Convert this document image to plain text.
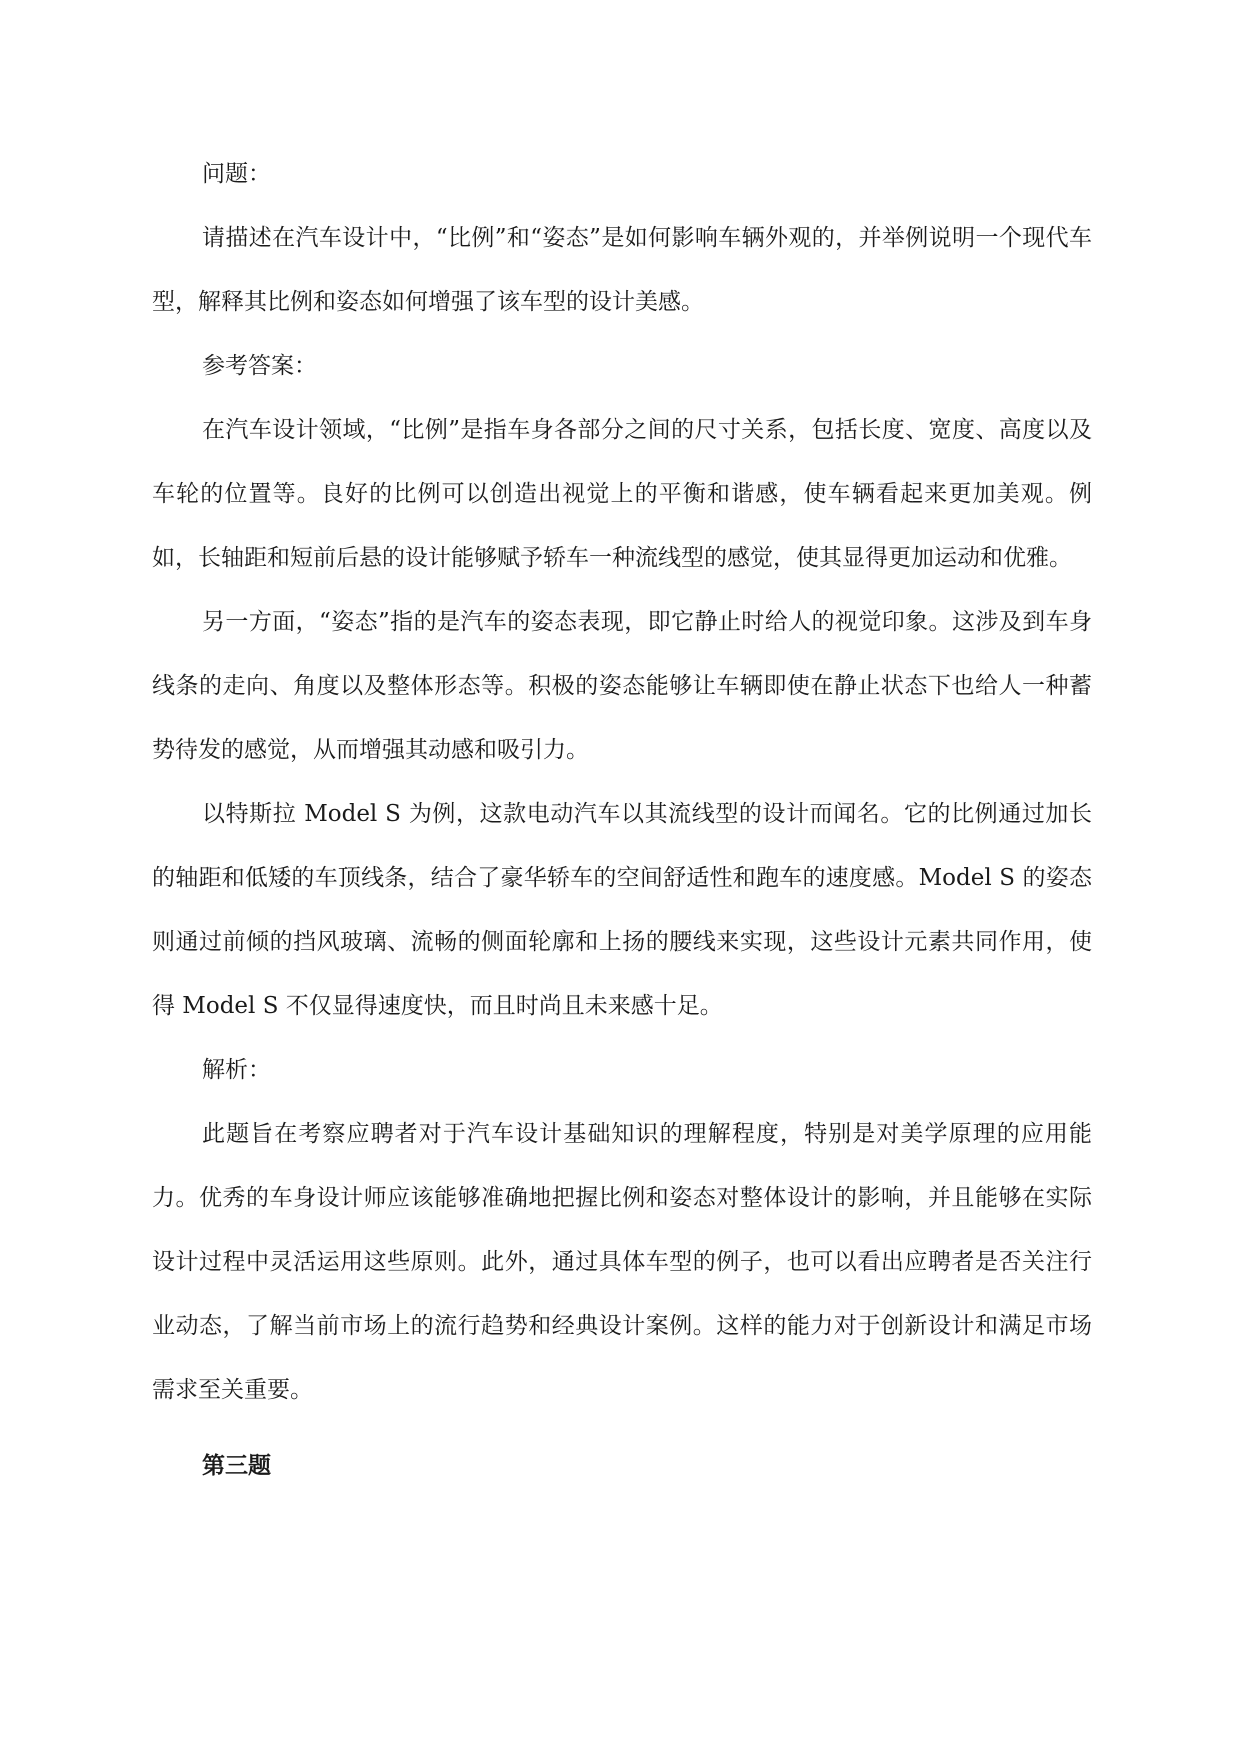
问题：

请描述在汽车设计中，“比例”和“姿态”是如何影响车辆外观的，并举例说明一个现代车型，解释其比例和姿态如何增强了该车型的设计美感。

参考答案：

在汽车设计领域，“比例”是指车身各部分之间的尺寸关系，包括长度、宽度、高度以及车轮的位置等。良好的比例可以创造出视觉上的平衡和谐感，使车辆看起来更加美观。例如，长轴距和短前后悬的设计能够赋予轿车一种流线型的感觉，使其显得更加运动和优雅。

另一方面，“姿态”指的是汽车的姿态表现，即它静止时给人的视觉印象。这涉及到车身线条的走向、角度以及整体形态等。积极的姿态能够让车辆即使在静止状态下也给人一种蓄势待发的感觉，从而增强其动感和吸引力。

以特斯拉 Model S 为例，这款电动汽车以其流线型的设计而闻名。它的比例通过加长的轴距和低矮的车顶线条，结合了豪华轿车的空间舒适性和跑车的速度感。Model S 的姿态则通过前倾的挡风玻璃、流畅的侧面轮廓和上扬的腰线来实现，这些设计元素共同作用，使得 Model S 不仅显得速度快，而且时尚且未来感十足。

解析：

此题旨在考察应聘者对于汽车设计基础知识的理解程度，特别是对美学原理的应用能力。优秀的车身设计师应该能够准确地把握比例和姿态对整体设计的影响，并且能够在实际设计过程中灵活运用这些原则。此外，通过具体车型的例子，也可以看出应聘者是否关注行业动态，了解当前市场上的流行趋势和经典设计案例。这样的能力对于创新设计和满足市场需求至关重要。

第三题
